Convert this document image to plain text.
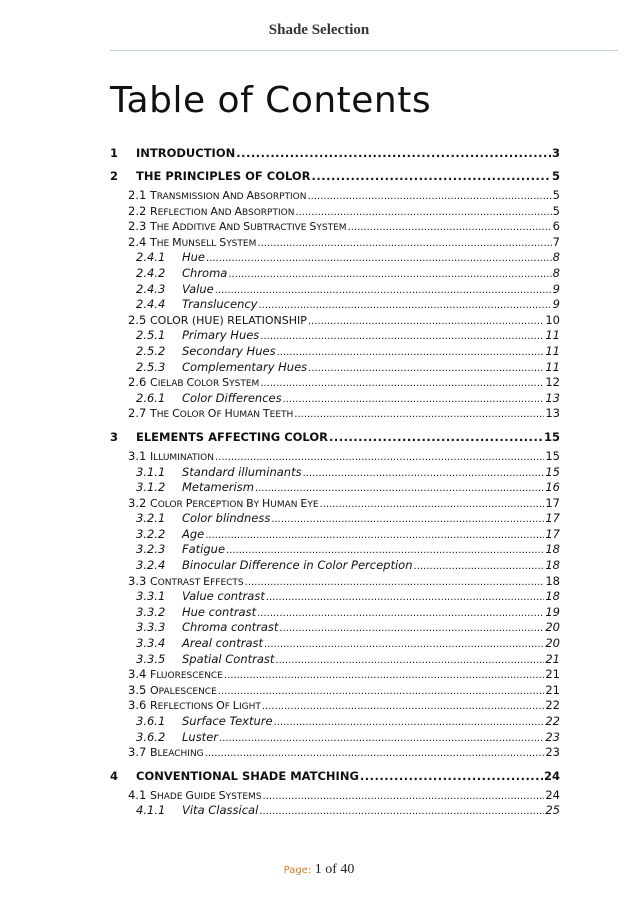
Shade Selection
Table of Contents
1	INTRODUCTION .....	3
2	THE PRINCIPLES OF COLOR .....	5
2.1 TRANSMISSION AND ABSORPTION .....	5
2.2 REFLECTION AND ABSORPTION .....	5
2.3 THE ADDITIVE AND SUBTRACTIVE SYSTEM .....	6
2.4 THE MUNSELL SYSTEM .....	7
2.4.1	Hue .....	8
2.4.2	Chroma .....	8
2.4.3	Value .....	9
2.4.4	Translucency .....	9
2.5 COLOR (HUE) RELATIONSHIP .....	10
2.5.1	Primary Hues .....	11
2.5.2	Secondary Hues .....	11
2.5.3	Complementary Hues .....	11
2.6 CIELAB COLOR SYSTEM .....	12
2.6.1	Color Differences .....	13
2.7 THE COLOR OF HUMAN TEETH .....	13
3	ELEMENTS AFFECTING COLOR .....	15
3.1 ILLUMINATION .....	15
3.1.1	Standard illuminants .....	15
3.1.2	Metamerism .....	16
3.2 COLOR PERCEPTION BY HUMAN EYE .....	17
3.2.1	Color blindness .....	17
3.2.2	Age .....	17
3.2.3	Fatigue .....	18
3.2.4	Binocular Difference in Color Perception .....	18
3.3 CONTRAST EFFECTS .....	18
3.3.1	Value contrast .....	18
3.3.2	Hue contrast .....	19
3.3.3	Chroma contrast .....	20
3.3.4	Areal contrast .....	20
3.3.5	Spatial Contrast .....	21
3.4 FLUORESCENCE .....	21
3.5 OPALESCENCE .....	21
3.6 REFLECTIONS OF LIGHT .....	22
3.6.1	Surface Texture .....	22
3.6.2	Luster .....	23
3.7 BLEACHING .....	23
4	CONVENTIONAL SHADE MATCHING .....	24
4.1 SHADE GUIDE SYSTEMS .....	24
4.1.1	Vita Classical .....	25
Page: 1 of 40
